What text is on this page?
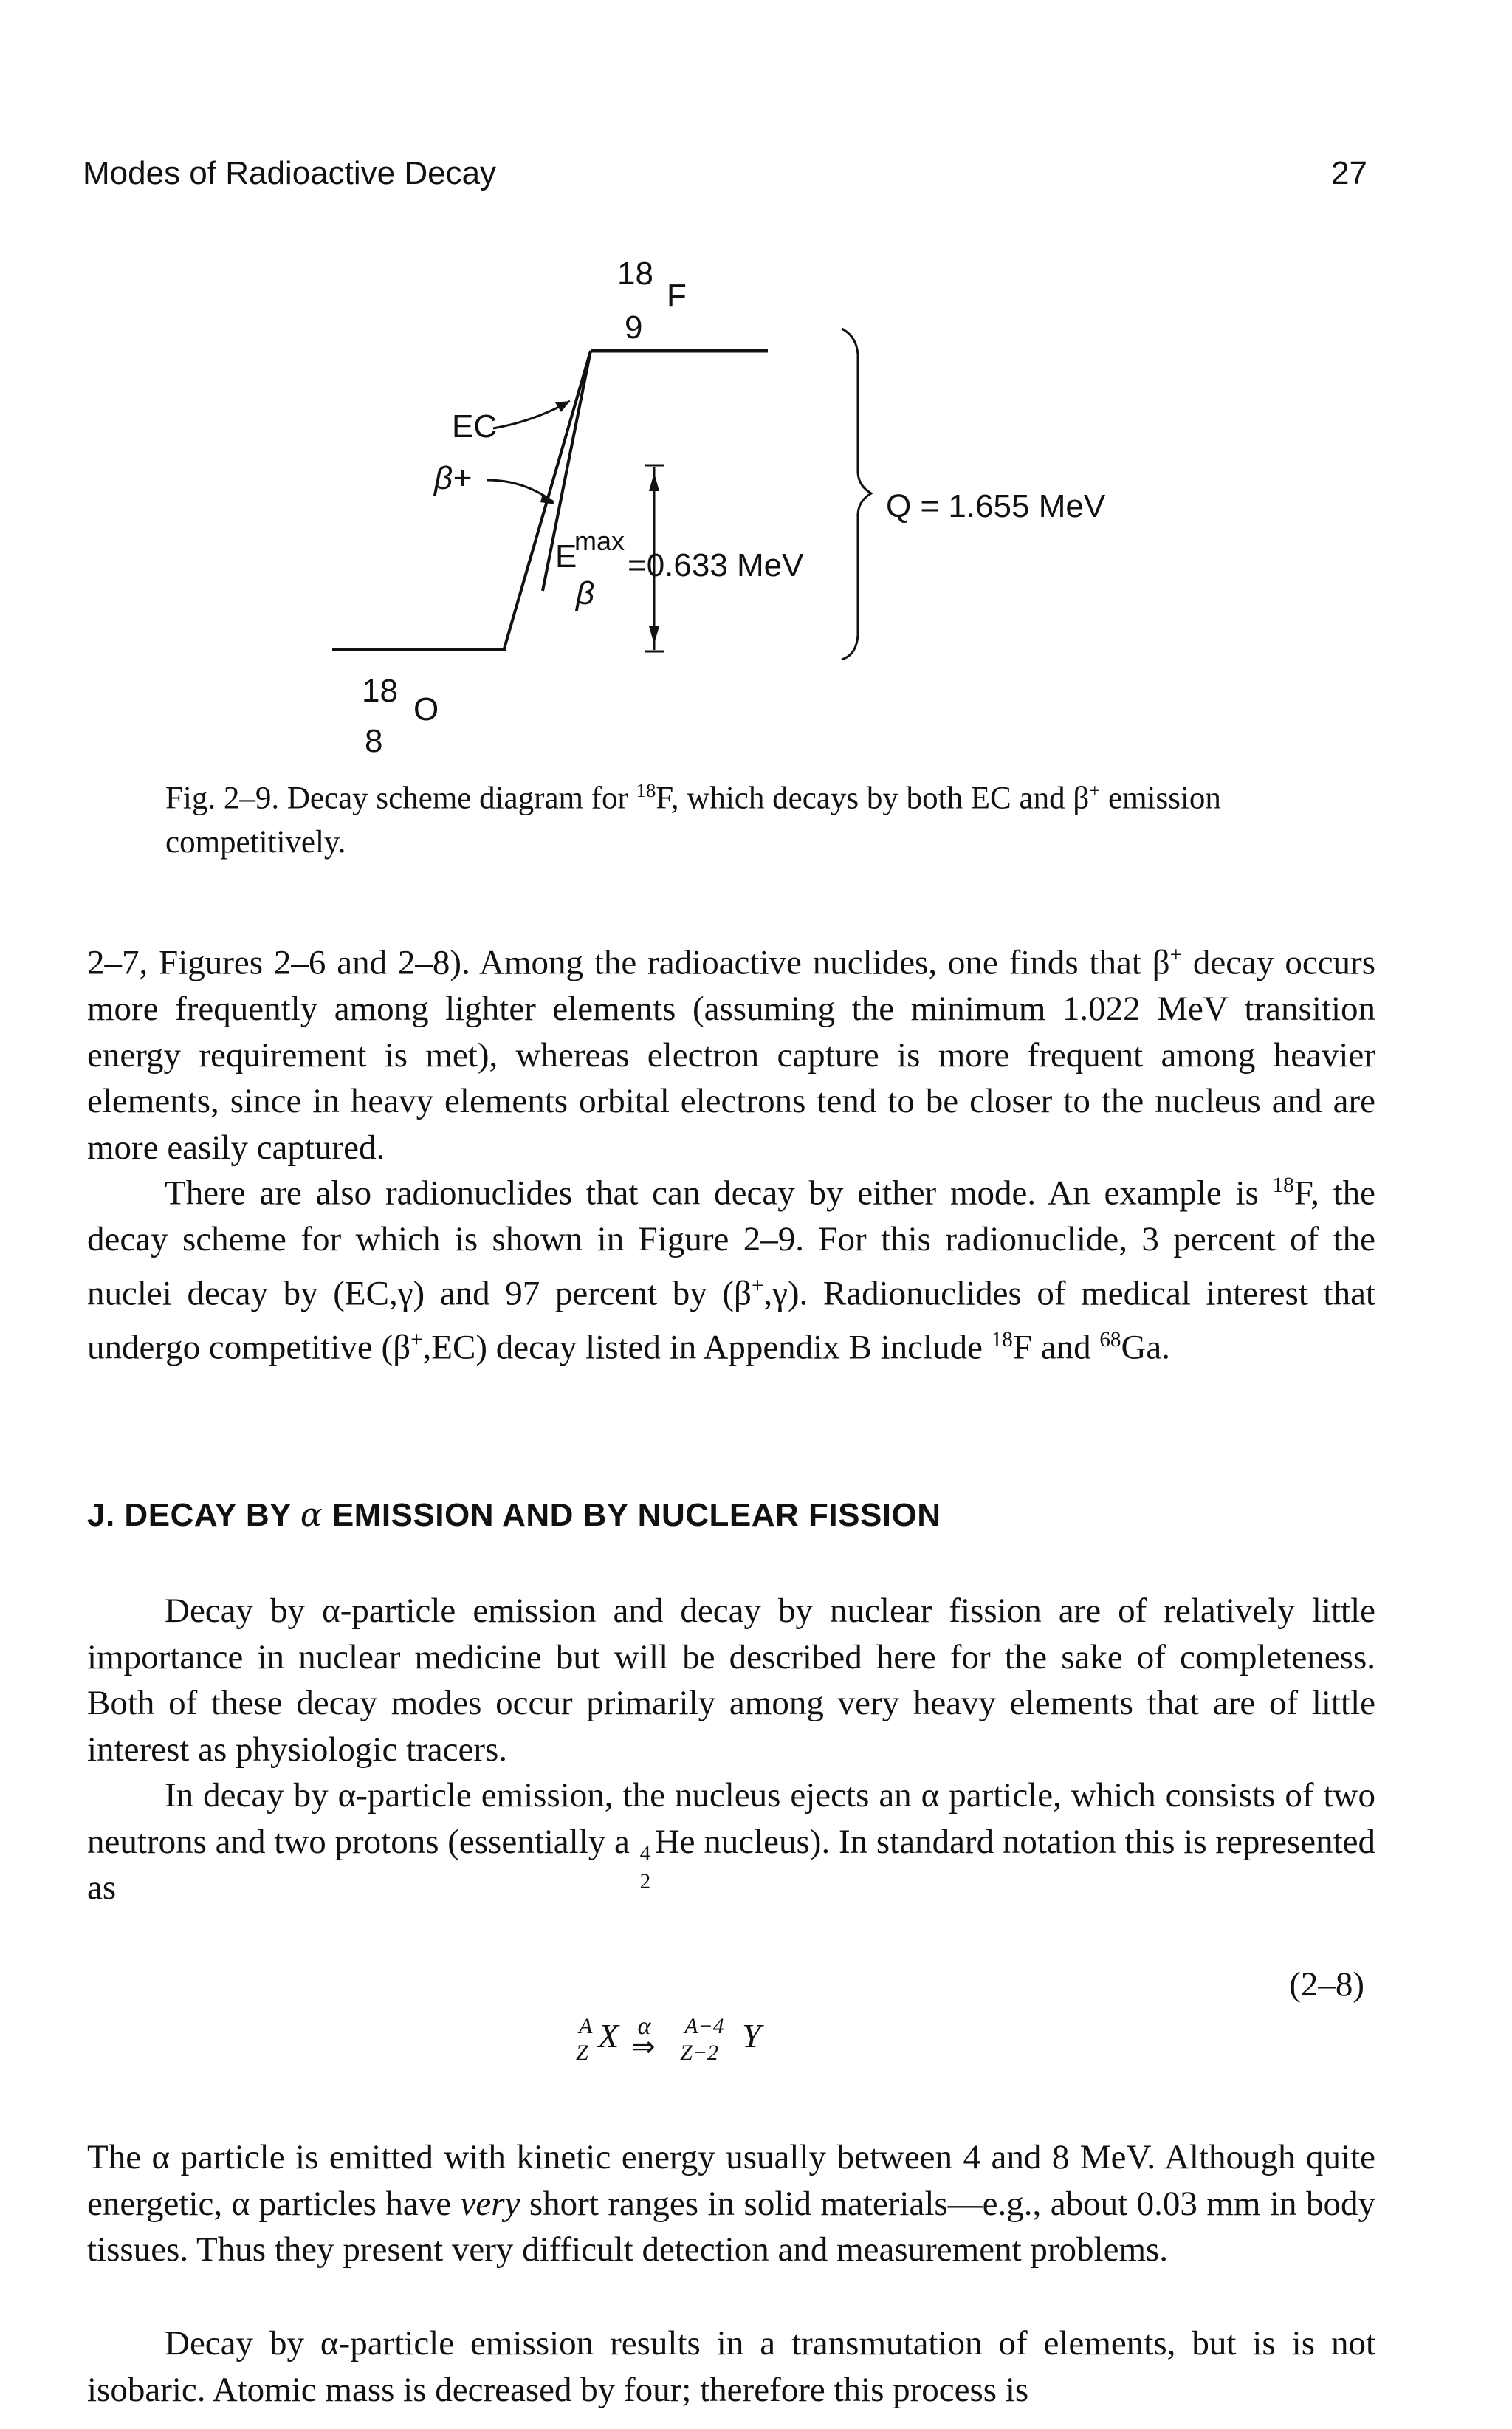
Modes of Radioactive Decay	27
18
F
9
EC
β+
E
max
β
=0.633 MeV
Q = 1.655 MeV
18
O
8
Fig. 2–9. Decay scheme diagram for $^{18}$F, which decays by both EC and β+ emission competitively.
2–7, Figures 2–6 and 2–8). Among the radioactive nuclides, one finds that β+ decay occurs more frequently among lighter elements (assuming the minimum 1.022 MeV transition energy requirement is met), whereas electron capture is more frequent among heavier elements, since in heavy elements orbital electrons tend to be closer to the nucleus and are more easily captured.
There are also radionuclides that can decay by either mode. An example is $^{18}$F, the decay scheme for which is shown in Figure 2–9. For this radionuclide, 3 percent of the nuclei decay by (EC,γ) and 97 percent by (β+,γ). Radionuclides of medical interest that undergo competitive (β+,EC) decay listed in Appendix B include $^{18}$F and $^{68}$Ga.
J. DECAY BY α EMISSION AND BY NUCLEAR FISSION
Decay by α-particle emission and decay by nuclear fission are of relatively little importance in nuclear medicine but will be described here for the sake of completeness. Both of these decay modes occur primarily among very heavy elements that are of little interest as physiologic tracers.
In decay by α-particle emission, the nucleus ejects an α particle, which consists of two neutrons and two protons (essentially a 4
2
He nucleus). In standard notation this is represented as
(2–8)
A
Z X α
⇒

A−4
Z−2 Y
The α particle is emitted with kinetic energy usually between 4 and 8 MeV. Although quite energetic, α particles have very short ranges in solid materials—e.g., about 0.03 mm in body tissues. Thus they present very difficult detection and measurement problems.
Decay by α-particle emission results in a transmutation of elements, but is is not isobaric. Atomic mass is decreased by four; therefore this process is
